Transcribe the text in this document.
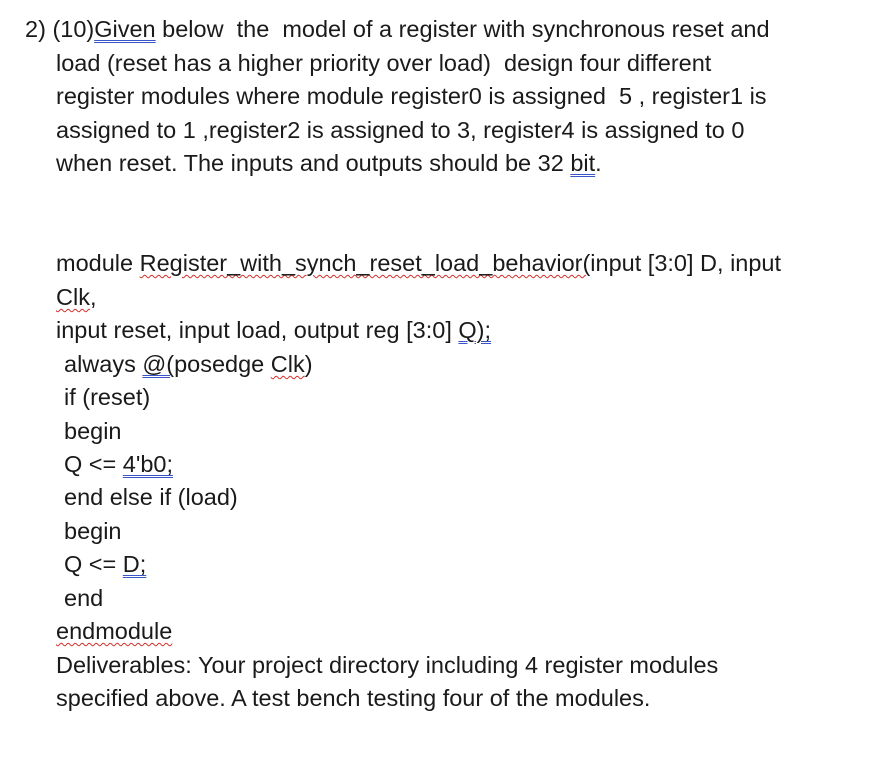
2) (10)Given below  the  model of a register with synchronous reset and
load (reset has a higher priority over load)  design four different
register modules where module register0 is assigned  5 , register1 is
assigned to 1 ,register2 is assigned to 3, register4 is assigned to 0
when reset. The inputs and outputs should be 32 bit.
module Register_with_synch_reset_load_behavior(input [3:0] D, input
Clk,
input reset, input load, output reg [3:0] Q);
always @(posedge Clk)
if (reset)
begin
Q <= 4'b0;
end else if (load)
begin
Q <= D;
end
endmodule
Deliverables: Your project directory including 4 register modules
specified above. A test bench testing four of the modules.
